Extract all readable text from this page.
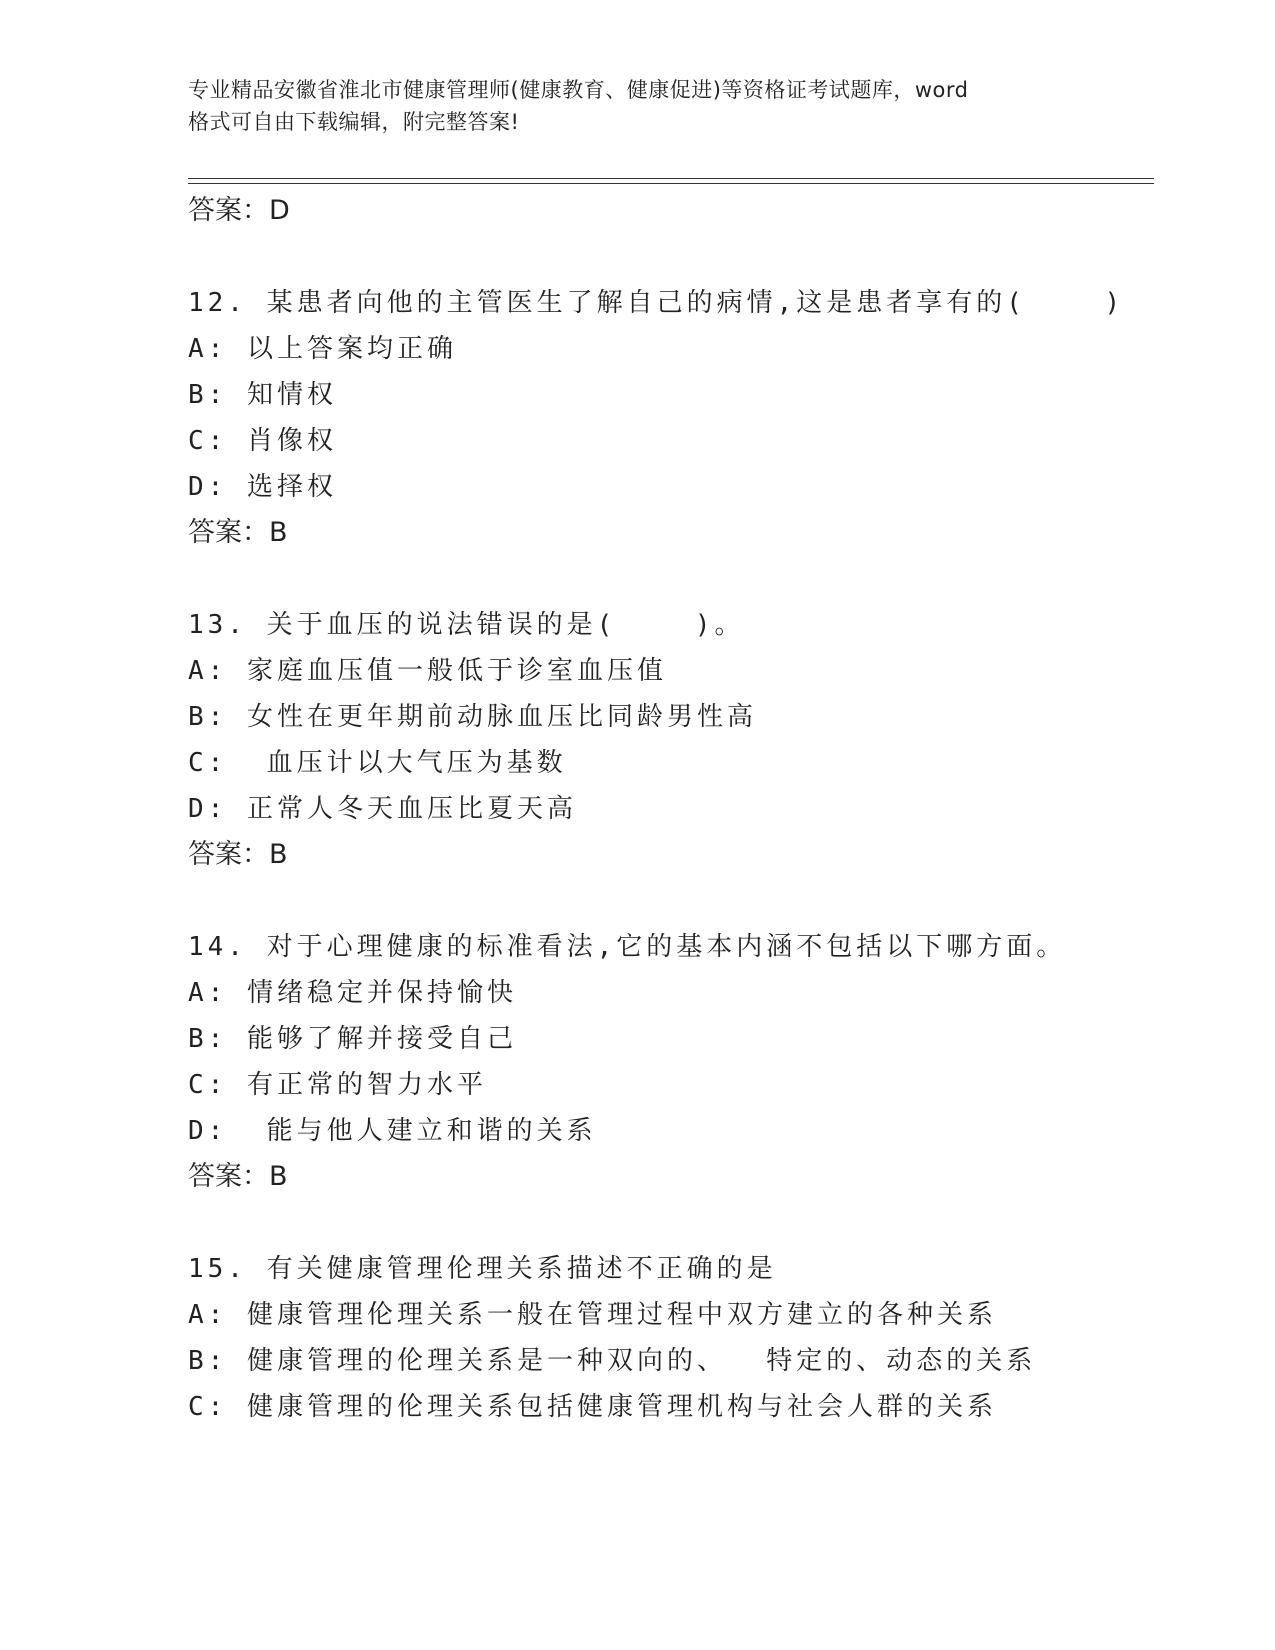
专业精品安徽省淮北市健康管理师(健康教育、健康促进)等资格证考试题库，word
格式可自由下载编辑，附完整答案!
答案：D
12. 某患者向他的主管医生了解自己的病情,这是患者享有的(    )
A: 以上答案均正确
B: 知情权
C: 肖像权
D: 选择权
答案：B
13. 关于血压的说法错误的是(    )。
A: 家庭血压值一般低于诊室血压值
B: 女性在更年期前动脉血压比同龄男性高
C:  血压计以大气压为基数
D: 正常人冬天血压比夏天高
答案：B
14. 对于心理健康的标准看法,它的基本内涵不包括以下哪方面。
A: 情绪稳定并保持愉快
B: 能够了解并接受自己
C: 有正常的智力水平
D:  能与他人建立和谐的关系
答案：B
15. 有关健康管理伦理关系描述不正确的是
A: 健康管理伦理关系一般在管理过程中双方建立的各种关系
B: 健康管理的伦理关系是一种双向的、  特定的、动态的关系
C: 健康管理的伦理关系包括健康管理机构与社会人群的关系
